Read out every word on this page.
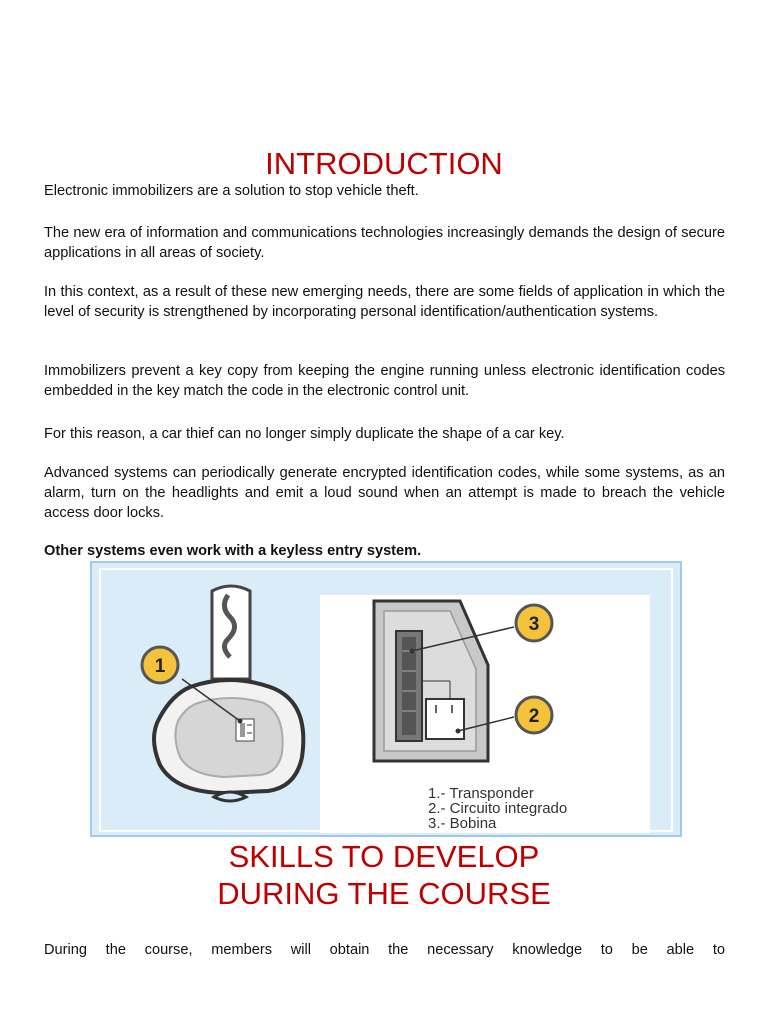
INTRODUCTION

Electronic immobilizers are a solution to stop vehicle theft.

The new era of information and communications technologies increasingly demands the design of secure applications in all areas of society.

In this context, as a result of these new emerging needs, there are some fields of application in which the level of security is strengthened by incorporating personal identification/authentication systems.

Immobilizers prevent a key copy from keeping the engine running unless electronic identification codes embedded in the key match the code in the electronic control unit.

For this reason, a car thief can no longer simply duplicate the shape of a car key.

Advanced systems can periodically generate encrypted identification codes, while some systems, as an alarm, turn on the headlights and emit a loud sound when an attempt is made to breach the vehicle access door locks.

Other systems even work with a keyless entry system.

1
3
2
1.- Transponder
2.- Circuito integrado
3.- Bobina
SKILLS TO DEVELOP
DURING THE COURSE

During the course, members will obtain the necessary knowledge to be able to
